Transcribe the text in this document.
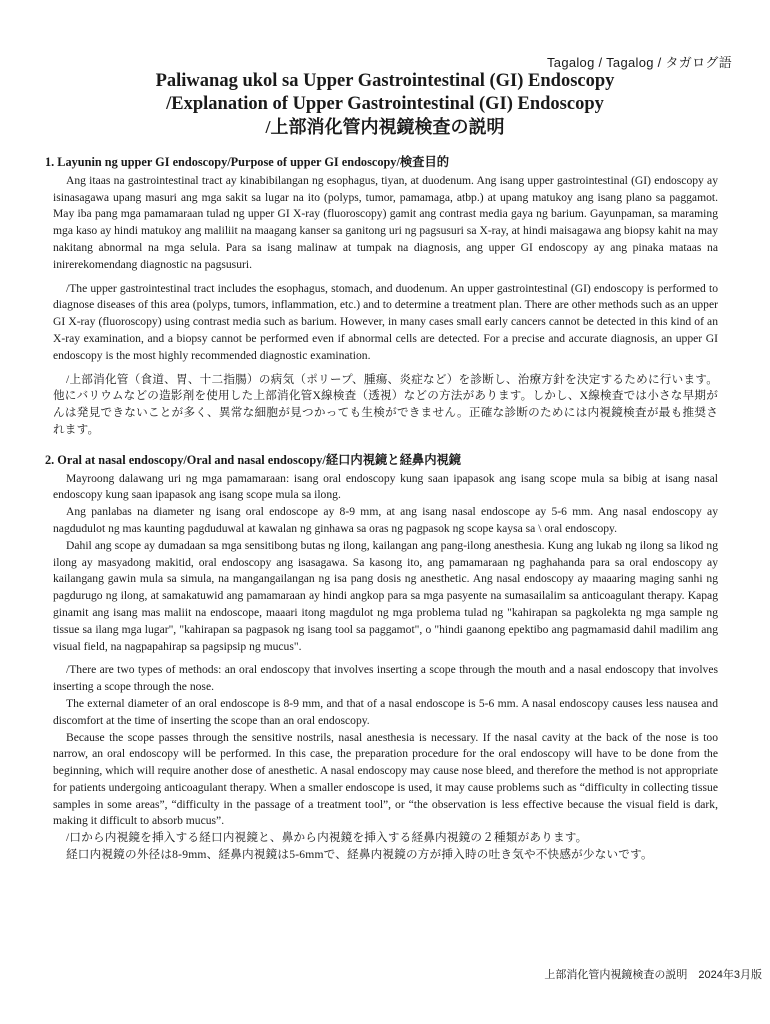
Tagalog / Tagalog / タガログ語
Paliwanag ukol sa Upper Gastrointestinal (GI) Endoscopy
/Explanation of Upper Gastrointestinal (GI) Endoscopy
/上部消化管内視鏡検査の説明
1. Layunin ng upper GI endoscopy/Purpose of upper GI endoscopy/検査目的

Ang itaas na gastrointestinal tract ay kinabibilangan ng esophagus, tiyan, at duodenum. Ang isang upper gastrointestinal (GI) endoscopy ay isinasagawa upang masuri ang mga sakit sa lugar na ito (polyps, tumor, pamamaga, atbp.) at upang matukoy ang isang plano sa paggamot. May iba pang mga pamamaraan tulad ng upper GI X-ray (fluoroscopy) gamit ang contrast media gaya ng barium. Gayunpaman, sa maraming mga kaso ay hindi matukoy ang maliliit na maagang kanser sa ganitong uri ng pagsusuri sa X-ray, at hindi maisagawa ang biopsy kahit na may nakitang abnormal na mga selula. Para sa isang malinaw at tumpak na diagnosis, ang upper GI endoscopy ay ang pinaka mataas na inirerekomendang diagnostic na pagsusuri.

/The upper gastrointestinal tract includes the esophagus, stomach, and duodenum. An upper gastrointestinal (GI) endoscopy is performed to diagnose diseases of this area (polyps, tumors, inflammation, etc.) and to determine a treatment plan. There are other methods such as an upper GI X-ray (fluoroscopy) using contrast media such as barium. However, in many cases small early cancers cannot be detected in this kind of an X-ray examination, and a biopsy cannot be performed even if abnormal cells are detected. For a precise and accurate diagnosis, an upper GI endoscopy is the most highly recommended diagnostic examination.

/上部消化管（食道、胃、十二指腸）の病気（ポリープ、腫瘍、炎症など）を診断し、治療方針を決定するために行います。他にバリウムなどの造影剤を使用した上部消化管X線検査（透視）などの方法があります。しかし、X線検査では小さな早期がんは発見できないことが多く、異常な細胞が見つかっても生検ができません。正確な診断のためには内視鏡検査が最も推奨されます。

2. Oral at nasal endoscopy/Oral and nasal endoscopy/経口内視鏡と経鼻内視鏡

Mayroong dalawang uri ng mga pamamaraan: isang oral endoscopy kung saan ipapasok ang isang scope mula sa bibig at isang nasal endoscopy kung saan ipapasok ang isang scope mula sa ilong.

Ang panlabas na diameter ng isang oral endoscope ay 8-9 mm, at ang isang nasal endoscope ay 5-6 mm. Ang nasal endoscopy ay nagdudulot ng mas kaunting pagduduwal at kawalan ng ginhawa sa oras ng pagpasok ng scope kaysa sa \ oral endoscopy.

Dahil ang scope ay dumadaan sa mga sensitibong butas ng ilong, kailangan ang pang-ilong anesthesia. Kung ang lukab ng ilong sa likod ng ilong ay masyadong makitid, oral endoscopy ang isasagawa. Sa kasong ito, ang pamamaraan ng paghahanda para sa oral endoscopy ay kailangang gawin mula sa simula, na mangangailangan ng isa pang dosis ng anesthetic. Ang nasal endoscopy ay maaaring maging sanhi ng pagdurugo ng ilong, at samakatuwid ang pamamaraan ay hindi angkop para sa mga pasyente na sumasailalim sa anticoagulant therapy. Kapag ginamit ang isang mas maliit na endoscope, maaari itong magdulot ng mga problema tulad ng "kahirapan sa pagkolekta ng mga sample ng tissue sa ilang mga lugar", "kahirapan sa pagpasok ng isang tool sa paggamot", o "hindi gaanong epektibo ang pagmamasid dahil madilim ang visual field, na nagpapahirap sa pagsipsip ng mucus".

/There are two types of methods: an oral endoscopy that involves inserting a scope through the mouth and a nasal endoscopy that involves inserting a scope through the nose.

The external diameter of an oral endoscope is 8-9 mm, and that of a nasal endoscope is 5-6 mm. A nasal endoscopy causes less nausea and discomfort at the time of inserting the scope than an oral endoscopy.

Because the scope passes through the sensitive nostrils, nasal anesthesia is necessary. If the nasal cavity at the back of the nose is too narrow, an oral endoscopy will be performed. In this case, the preparation procedure for the oral endoscopy will have to be done from the beginning, which will require another dose of anesthetic. A nasal endoscopy may cause nose bleed, and therefore the method is not appropriate for patients undergoing anticoagulant therapy. When a smaller endoscope is used, it may cause problems such as “difficulty in collecting tissue samples in some areas”, “difficulty in the passage of a treatment tool”, or “the observation is less effective because the visual field is dark, making it difficult to absorb mucus”.

/口から内視鏡を挿入する経口内視鏡と、鼻から内視鏡を挿入する経鼻内視鏡の２種類があります。

経口内視鏡の外径は8-9mm、経鼻内視鏡は5-6mmで、経鼻内視鏡の方が挿入時の吐き気や不快感が少ないです。

上部消化管内視鏡検査の説明　2024年3月版
